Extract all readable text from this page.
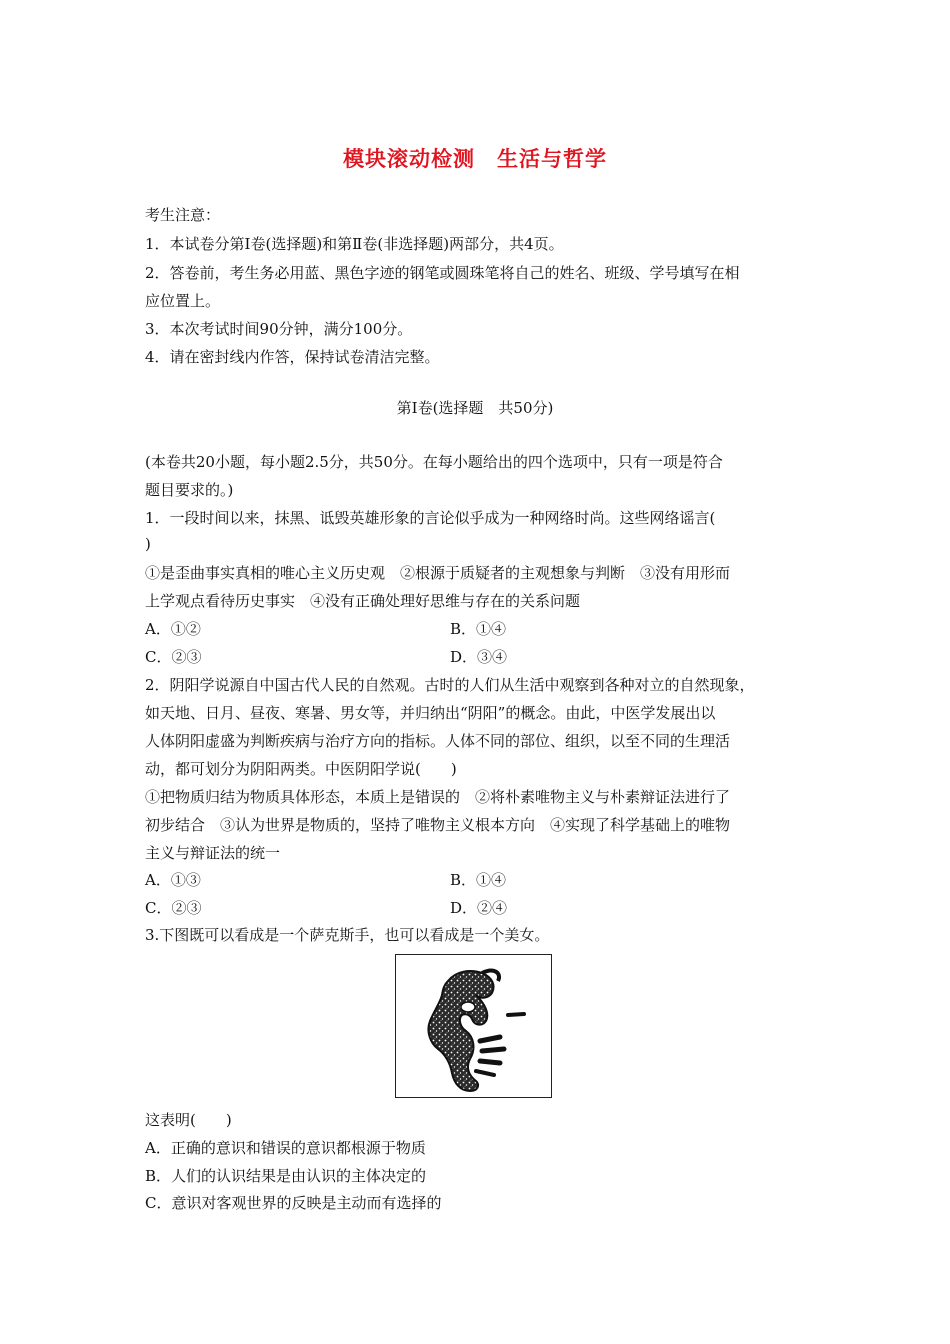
模块滚动检测　生活与哲学
考生注意：
1．本试卷分第Ⅰ卷(选择题)和第Ⅱ卷(非选择题)两部分，共4页。
2．答卷前，考生务必用蓝、黑色字迹的钢笔或圆珠笔将自己的姓名、班级、学号填写在相
应位置上。
3．本次考试时间90分钟，满分100分。
4．请在密封线内作答，保持试卷清洁完整。
第Ⅰ卷(选择题　共50分)
(本卷共20小题，每小题2.5分，共50分。在每小题给出的四个选项中，只有一项是符合
题目要求的。)
1．一段时间以来，抹黑、诋毁英雄形象的言论似乎成为一种网络时尚。这些网络谣言(
)
①是歪曲事实真相的唯心主义历史观　②根源于质疑者的主观想象与判断　③没有用形而
上学观点看待历史事实　④没有正确处理好思维与存在的关系问题
A．①②	B．①④
C．②③	D．③④
2．阴阳学说源自中国古代人民的自然观。古时的人们从生活中观察到各种对立的自然现象，
如天地、日月、昼夜、寒暑、男女等，并归纳出“阴阳”的概念。由此，中医学发展出以
人体阴阳虚盛为判断疾病与治疗方向的指标。人体不同的部位、组织，以至不同的生理活
动，都可划分为阴阳两类。中医阴阳学说(　　)
①把物质归结为物质具体形态，本质上是错误的　②将朴素唯物主义与朴素辩证法进行了
初步结合　③认为世界是物质的，坚持了唯物主义根本方向　④实现了科学基础上的唯物
主义与辩证法的统一
A．①③	B．①④
C．②③	D．②④
3.下图既可以看成是一个萨克斯手，也可以看成是一个美女。
这表明(　　)
A．正确的意识和错误的意识都根源于物质
B．人们的认识结果是由认识的主体决定的
C．意识对客观世界的反映是主动而有选择的
